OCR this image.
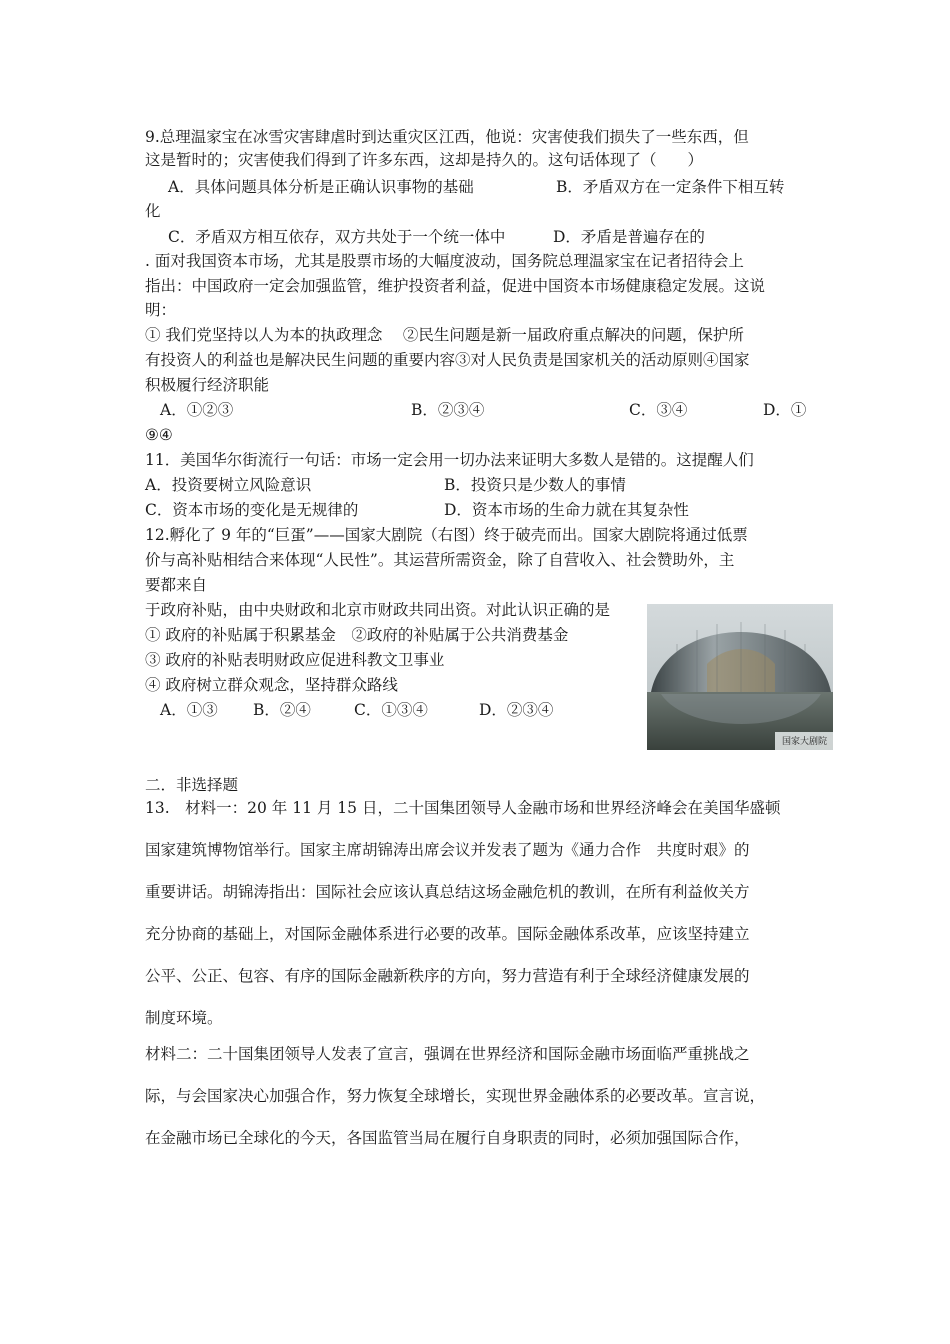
9.总理温家宝在冰雪灾害肆虐时到达重灾区江西，他说：灾害使我们损失了一些东西，但
这是暂时的；灾害使我们得到了许多东西，这却是持久的。这句话体现了（　　）
A．具体问题具体分析是正确认识事物的基础	B．矛盾双方在一定条件下相互转
化
C．矛盾双方相互依存，双方共处于一个统一体中	D．矛盾是普遍存在的
. 面对我国资本市场，尤其是股票市场的大幅度波动，国务院总理温家宝在记者招待会上
指出：中国政府一定会加强监管，维护投资者利益，促进中国资本市场健康稳定发展。这说
明：
① 我们党坚持以人为本的执政理念　 ②民生问题是新一届政府重点解决的问题，保护所
有投资人的利益也是解决民生问题的重要内容③对人民负责是国家机关的活动原则④国家
积极履行经济职能
A．①②③	B．②③④	C．③④	D．①
⑨④
11．美国华尔街流行一句话：市场一定会用一切办法来证明大多数人是错的。这提醒人们
A．投资要树立风险意识	B．投资只是少数人的事情
C．资本市场的变化是无规律的	D．资本市场的生命力就在其复杂性
12.孵化了 9 年的“巨蛋”——国家大剧院（右图）终于破壳而出。国家大剧院将通过低票
价与高补贴相结合来体现“人民性”。其运营所需资金，除了自营收入、社会赞助外，主
要都来自
于政府补贴，由中央财政和北京市财政共同出资。对此认识正确的是
① 政府的补贴属于积累基金　②政府的补贴属于公共消费基金
③ 政府的补贴表明财政应促进科教文卫事业
④ 政府树立群众观念，坚持群众路线
A．①③ B．②④	C．①③④	D．②③④
国家大剧院
二．非选择题
13.　材料一：20 年 11 月 15 日，二十国集团领导人金融市场和世界经济峰会在美国华盛顿
国家建筑博物馆举行。国家主席胡锦涛出席会议并发表了题为《通力合作　共度时艰》的
重要讲话。胡锦涛指出：国际社会应该认真总结这场金融危机的教训，在所有利益攸关方
充分协商的基础上，对国际金融体系进行必要的改革。国际金融体系改革，应该坚持建立
公平、公正、包容、有序的国际金融新秩序的方向，努力营造有利于全球经济健康发展的
制度环境。
材料二：二十国集团领导人发表了宣言，强调在世界经济和国际金融市场面临严重挑战之
际，与会国家决心加强合作，努力恢复全球增长，实现世界金融体系的必要改革。宣言说，
在金融市场已全球化的今天，各国监管当局在履行自身职责的同时，必须加强国际合作，
